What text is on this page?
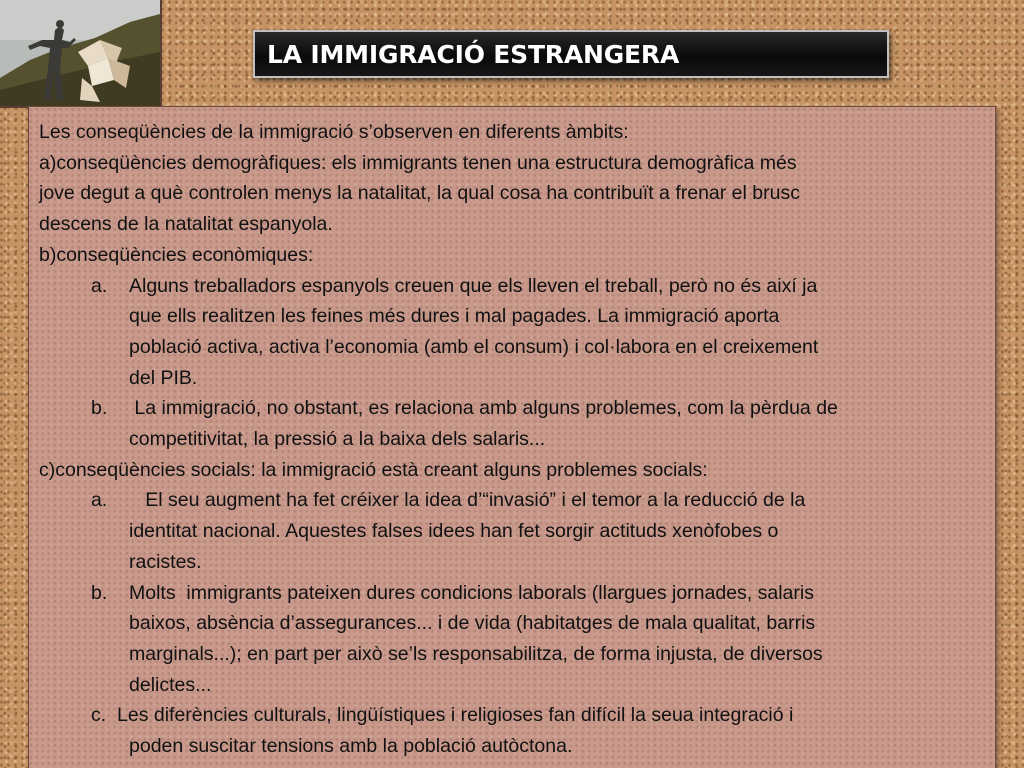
LA IMMIGRACIÓ ESTRANGERA

Les conseqüències de la immigració s’observen en diferents àmbits:

a)conseqüències demogràfiques: els immigrants tenen una estructura demogràfica més

jove degut a què controlen menys la natalitat, la qual cosa ha contribuït a frenar el brusc

descens de la natalitat espanyola.

b)conseqüències econòmiques:

a. Alguns treballadors espanyols creuen que els lleven el treball, però no és així ja

que ells realitzen les feines més dures i mal pagades. La immigració aporta

població activa, activa l’economia (amb el consum) i col·labora en el creixement

del PIB.

b. La immigració, no obstant, es relaciona amb alguns problemes, com la pèrdua de

competitivitat, la pressió a la baixa dels salaris...

c)conseqüències socials: la immigració està creant alguns problemes socials:

a. El seu augment ha fet créixer la idea d’“invasió” i el temor a la reducció de la

identitat nacional. Aquestes falses idees han fet sorgir actituds xenòfobes o

racistes.

b. Molts  immigrants pateixen dures condicions laborals (llargues jornades, salaris

baixos, absència d’assegurances... i de vida (habitatges de mala qualitat, barris

marginals...); en part per això se’ls responsabilitza, de forma injusta, de diversos

delictes...

c.  Les diferències culturals, lingüístiques i religioses fan difícil la seua integració i

poden suscitar tensions amb la població autòctona.
